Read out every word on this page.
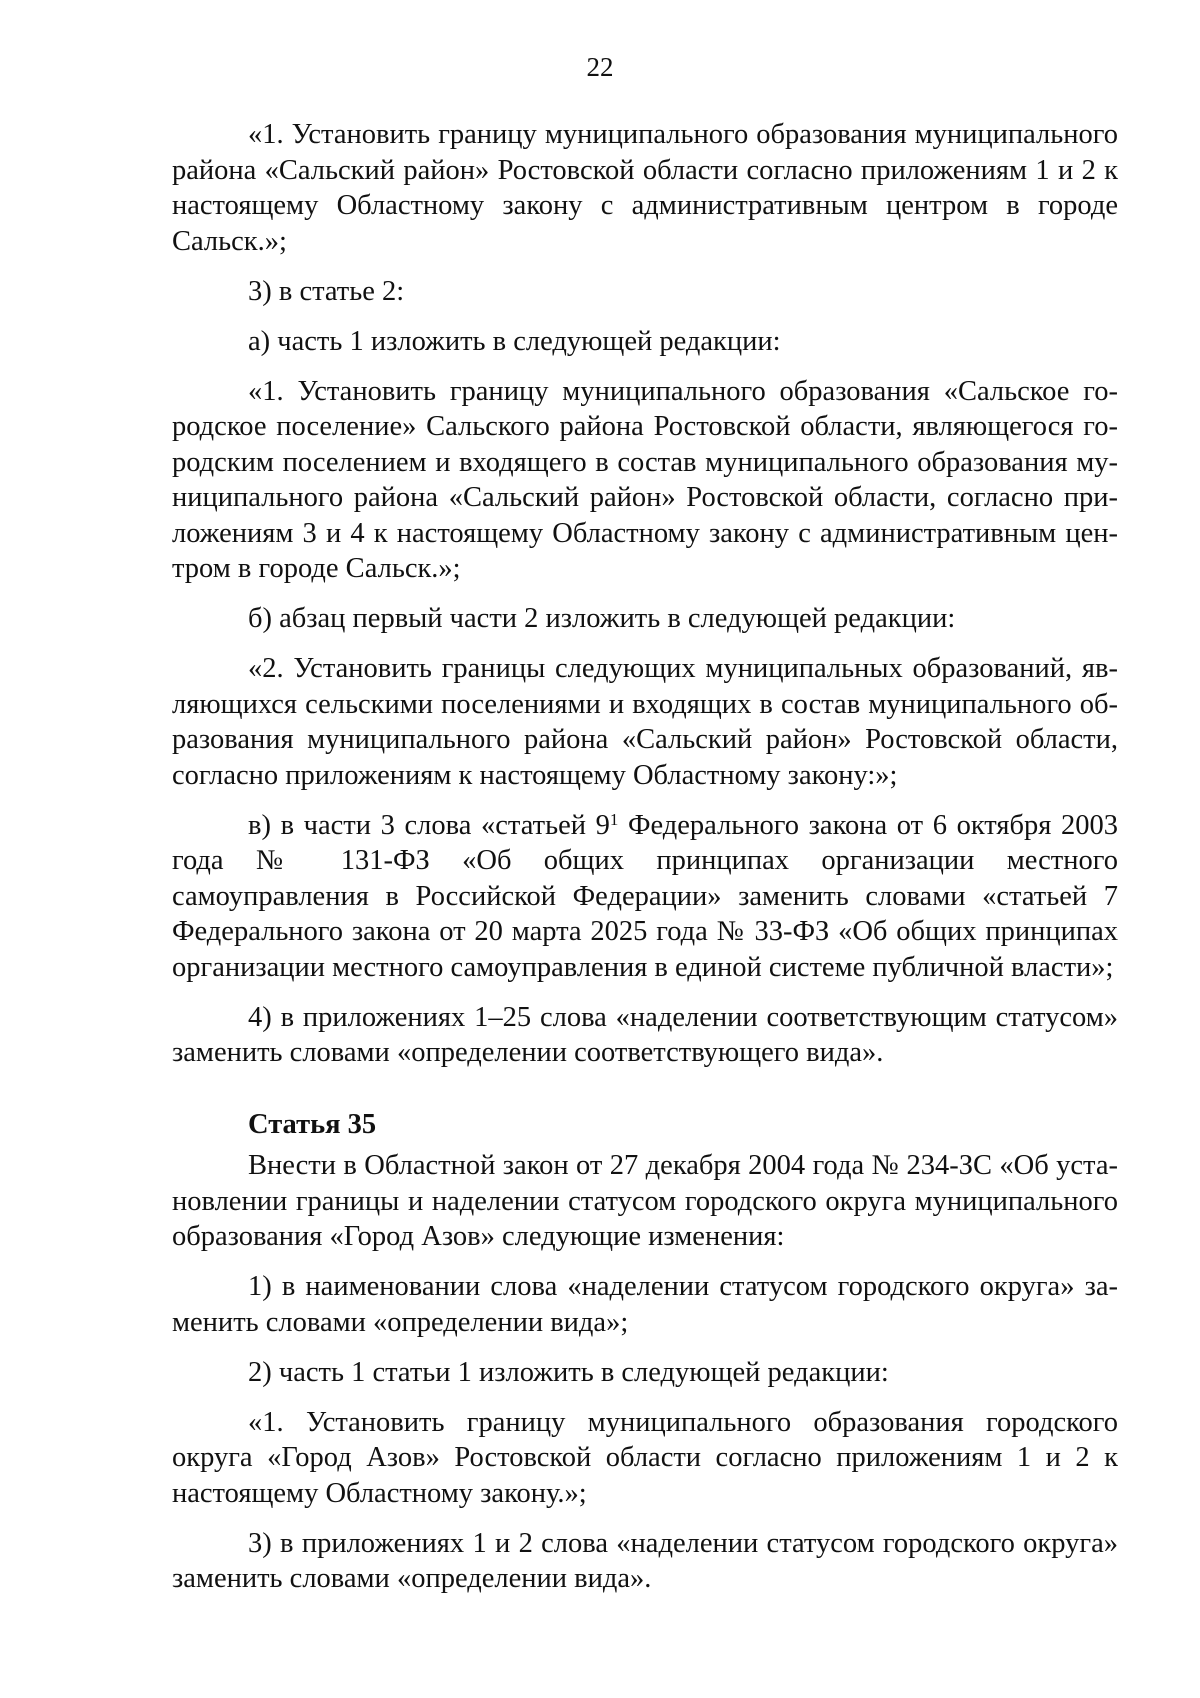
22

«1. Установить границу муниципального образования муниципального района «Сальский район» Ростовской области согласно приложениям 1 и 2 к настоящему Областному закону с административным центром в городе Сальск.»;

3) в статье 2:

а) часть 1 изложить в следующей редакции:

«1. Установить границу муниципального образования «Сальское городское поселение» Сальского района Ростовской области, являющегося городским поселением и входящего в состав муниципального образования муниципального района «Сальский район» Ростовской области, согласно приложениям 3 и 4 к настоящему Областному закону с административным центром в городе Сальск.»;

б) абзац первый части 2 изложить в следующей редакции:

«2. Установить границы следующих муниципальных образований, являющихся сельскими поселениями и входящих в состав муниципального образования муниципального района «Сальский район» Ростовской области, согласно приложениям к настоящему Областному закону:»;

в) в части 3 слова «статьей $9^1$ Федерального закона от 6 октября 2003 года № 131-ФЗ «Об общих принципах организации местного самоуправления в Российской Федерации» заменить словами «статьей 7 Федерального закона от 20 марта 2025 года № 33-ФЗ «Об общих принципах организации местного самоуправления в единой системе публичной власти»;

4) в приложениях 1–25 слова «наделении соответствующим статусом» заменить словами «определении соответствующего вида».

Статья 35

Внести в Областной закон от 27 декабря 2004 года № 234-ЗС «Об установлении границы и наделении статусом городского округа муниципального образования «Город Азов» следующие изменения:

1) в наименовании слова «наделении статусом городского округа» заменить словами «определении вида»;

2) часть 1 статьи 1 изложить в следующей редакции:

«1. Установить границу муниципального образования городского округа «Город Азов» Ростовской области согласно приложениям 1 и 2 к настоящему Областному закону.»;

3) в приложениях 1 и 2 слова «наделении статусом городского округа» заменить словами «определении вида».
